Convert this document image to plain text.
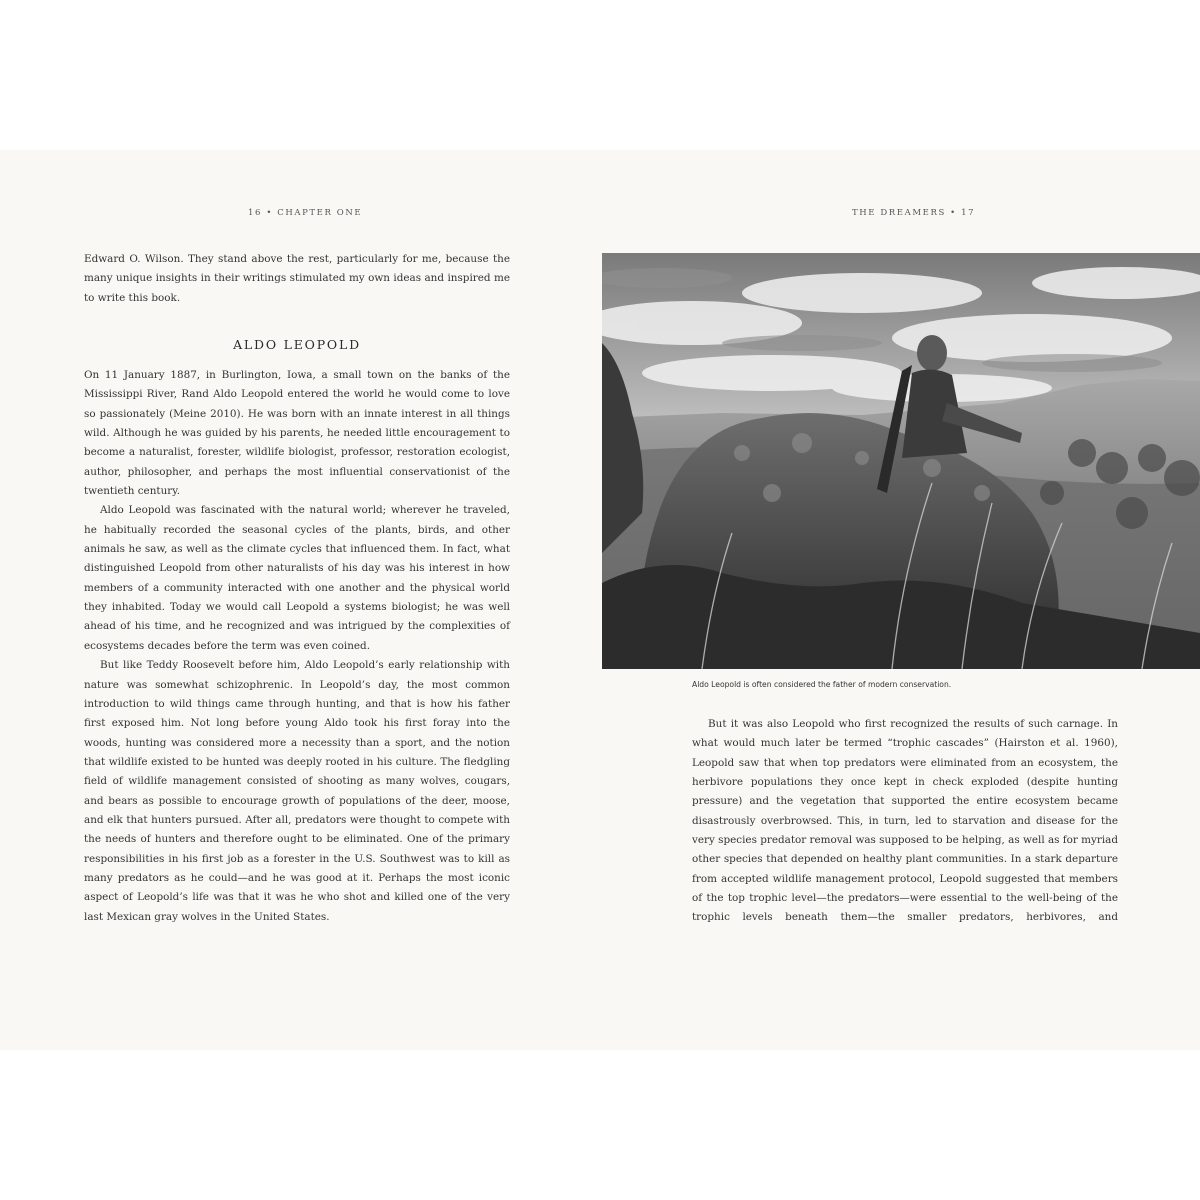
16 • CHAPTER ONE	THE DREAMERS • 17

Edward O. Wilson. They stand above the rest, particularly for me, because the many unique insights in their writings stimulated my own ideas and inspired me to write this book.

ALDO LEOPOLD

On 11 January 1887, in Burlington, Iowa, a small town on the banks of the Mississippi River, Rand Aldo Leopold entered the world he would come to love so passionately (Meine 2010). He was born with an innate interest in all things wild. Although he was guided by his parents, he needed little encouragement to become a naturalist, forester, wildlife biologist, professor, restoration ecologist, author, philosopher, and perhaps the most influential conservationist of the twentieth century.

Aldo Leopold was fascinated with the natural world; wherever he traveled, he habitually recorded the seasonal cycles of the plants, birds, and other animals he saw, as well as the climate cycles that influenced them. In fact, what distinguished Leopold from other naturalists of his day was his interest in how members of a community interacted with one another and the physical world they inhabited. Today we would call Leopold a systems biologist; he was well ahead of his time, and he recognized and was intrigued by the complexities of ecosystems decades before the term was even coined.

But like Teddy Roosevelt before him, Aldo Leopold’s early relationship with nature was somewhat schizophrenic. In Leopold’s day, the most common introduction to wild things came through hunting, and that is how his father first exposed him. Not long before young Aldo took his first foray into the woods, hunting was considered more a necessity than a sport, and the notion that wildlife existed to be hunted was deeply rooted in his culture. The fledgling field of wildlife management consisted of shooting as many wolves, cougars, and bears as possible to encourage growth of populations of the deer, moose, and elk that hunters pursued. After all, predators were thought to compete with the needs of hunters and therefore ought to be eliminated. One of the primary responsibilities in his first job as a forester in the U.S. Southwest was to kill as many predators as he could—and he was good at it. Perhaps the most iconic aspect of Leopold’s life was that it was he who shot and killed one of the very last Mexican gray wolves in the United States.

Aldo Leopold is often considered the father of modern conservation.

But it was also Leopold who first recognized the results of such carnage. In what would much later be termed “trophic cascades” (Hairston et al. 1960), Leopold saw that when top predators were eliminated from an ecosystem, the herbivore populations they once kept in check exploded (despite hunting pressure) and the vegetation that supported the entire ecosystem became disastrously overbrowsed. This, in turn, led to starvation and disease for the very species predator removal was supposed to be helping, as well as for myriad other species that depended on healthy plant communities. In a stark departure from accepted wildlife management protocol, Leopold suggested that members of the top trophic level—the predators—were essential to the well-being of the trophic levels beneath them—the smaller predators, herbivores, and
